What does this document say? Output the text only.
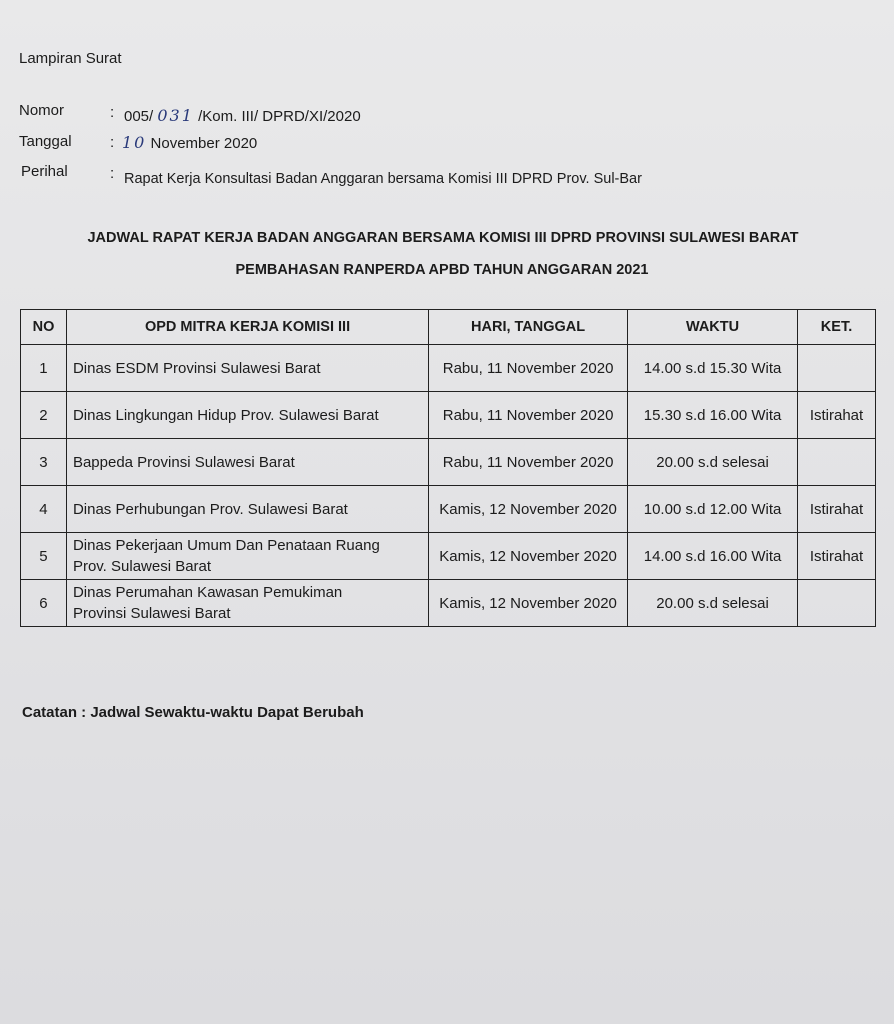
Lampiran Surat
Nomor	: 005/ 031 /Kom. III/ DPRD/XI/2020
Tanggal	: 10 November 2020
Perihal	: Rapat Kerja Konsultasi Badan Anggaran bersama Komisi III DPRD Prov. Sul-Bar
JADWAL RAPAT KERJA BADAN ANGGARAN BERSAMA KOMISI III DPRD PROVINSI SULAWESI BARAT
PEMBAHASAN RANPERDA APBD TAHUN ANGGARAN 2021
NO	OPD MITRA KERJA KOMISI III	HARI, TANGGAL	WAKTU	KET.
1	Dinas ESDM Provinsi Sulawesi Barat	Rabu, 11 November 2020	14.00 s.d 15.30 Wita	
2	Dinas Lingkungan Hidup Prov. Sulawesi Barat	Rabu, 11 November 2020	15.30 s.d 16.00 Wita	Istirahat
3	Bappeda Provinsi Sulawesi Barat	Rabu, 11 November 2020	20.00 s.d selesai	
4	Dinas Perhubungan Prov. Sulawesi Barat	Kamis, 12 November 2020	10.00 s.d 12.00 Wita	Istirahat
5	Dinas Pekerjaan Umum Dan Penataan Ruang
Prov. Sulawesi Barat	Kamis, 12 November 2020	14.00 s.d 16.00 Wita	Istirahat
6	Dinas Perumahan Kawasan Pemukiman
Provinsi Sulawesi Barat	Kamis, 12 November 2020	20.00 s.d selesai	
Catatan : Jadwal Sewaktu-waktu Dapat Berubah
